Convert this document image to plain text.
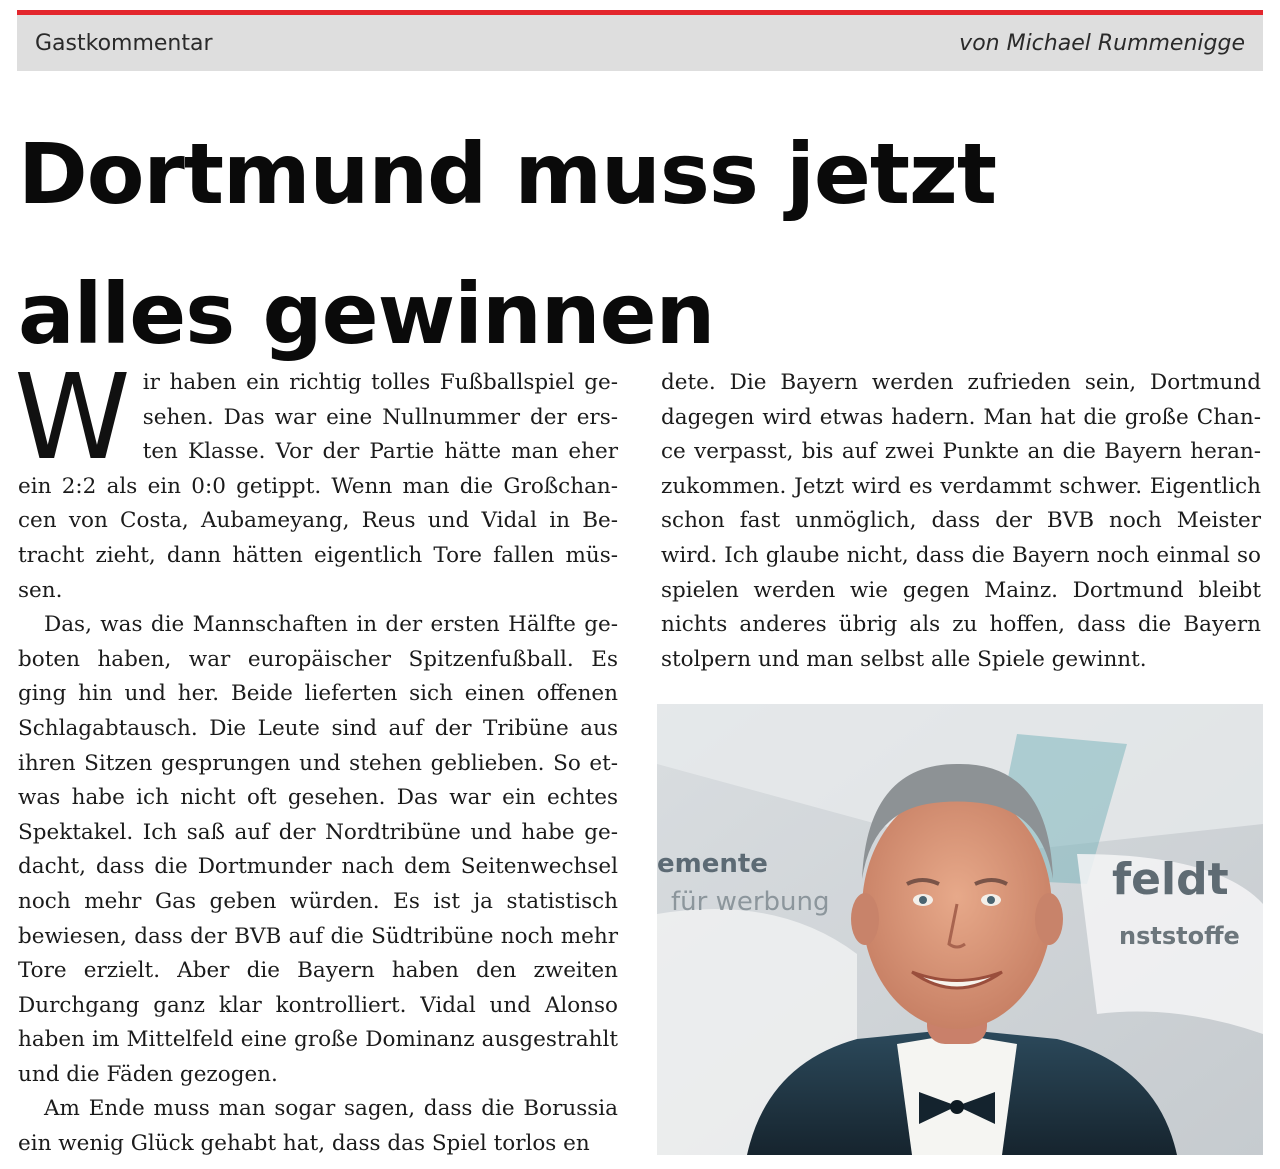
Gastkommentar	von Michael Rummenigge
Dortmund muss jetzt alles gewinnen

Wir haben ein richtig tolles Fußballspiel gesehen. Das war eine Nullnummer der ersten Klasse. Vor der Partie hätte man eher ein 2:2 als ein 0:0 getippt. Wenn man die Großchancen von Costa, Aubameyang, Reus und Vidal in Betracht zieht, dann hätten eigentlich Tore fallen müssen.

Das, was die Mannschaften in der ersten Hälfte geboten haben, war europäischer Spitzenfußball. Es ging hin und her. Beide lieferten sich einen offenen Schlagabtausch. Die Leute sind auf der Tribüne aus ihren Sitzen gesprungen und stehen geblieben. So etwas habe ich nicht oft gesehen. Das war ein echtes Spektakel. Ich saß auf der Nordtribüne und habe gedacht, dass die Dortmunder nach dem Seitenwechsel noch mehr Gas geben würden. Es ist ja statistisch bewiesen, dass der BVB auf die Südtribüne noch mehr Tore erzielt. Aber die Bayern haben den zweiten Durchgang ganz klar kontrolliert. Vidal und Alonso haben im Mittelfeld eine große Dominanz ausgestrahlt und die Fäden gezogen.

Am Ende muss man sogar sagen, dass die Borussia ein wenig Glück gehabt hat, dass das Spiel torlos en

dete. Die Bayern werden zufrieden sein, Dortmund dagegen wird etwas hadern. Man hat die große Chance verpasst, bis auf zwei Punkte an die Bayern heranzukommen. Jetzt wird es verdammt schwer. Eigentlich schon fast unmöglich, dass der BVB noch Meister wird. Ich glaube nicht, dass die Bayern noch einmal so spielen werden wie gegen Mainz. Dortmund bleibt nichts anderes übrig als zu hoffen, dass die Bayern stolpern und man selbst alle Spiele gewinnt.

emente
für werbung	feldt
nststoffe
